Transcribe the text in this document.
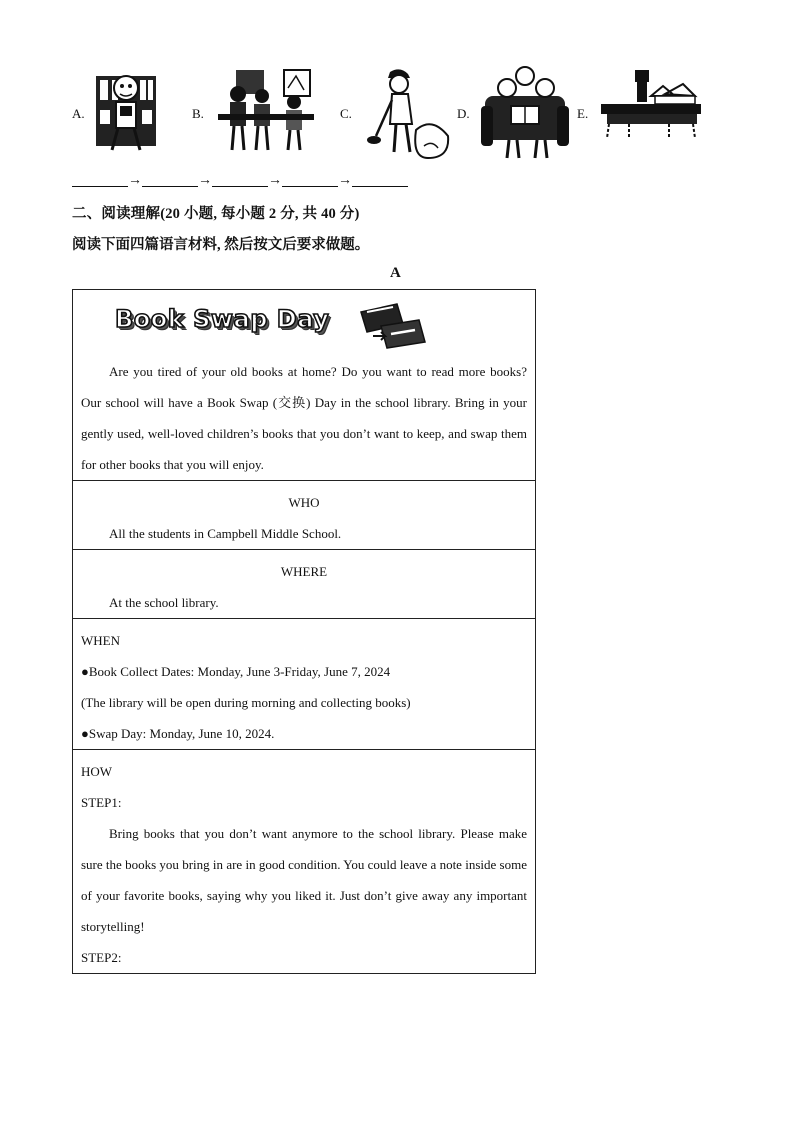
A.	B.	C.	D.	E.
→	→	→	→
二、阅读理解(20 小题, 每小题 2 分, 共 40 分)
阅读下面四篇语言材料, 然后按文后要求做题。
A
Book Swap Day
Are you tired of your old books at home? Do you want to read more books? Our school will have a Book Swap (交换) Day in the school library. Bring in your gently used, well-loved children’s books that you don’t want to keep, and swap them for other books that you will enjoy.
WHO
All the students in Campbell Middle School.
WHERE
At the school library.
WHEN
●Book Collect Dates: Monday, June 3-Friday, June 7, 2024
(The library will be open during morning and collecting books)
●Swap Day: Monday, June 10, 2024.
HOW
STEP1:
Bring books that you don’t want anymore to the school library. Please make sure the books you bring in are in good condition. You could leave a note inside some of your favorite books, saying why you liked it. Just don’t give away any important storytelling!
STEP2:
